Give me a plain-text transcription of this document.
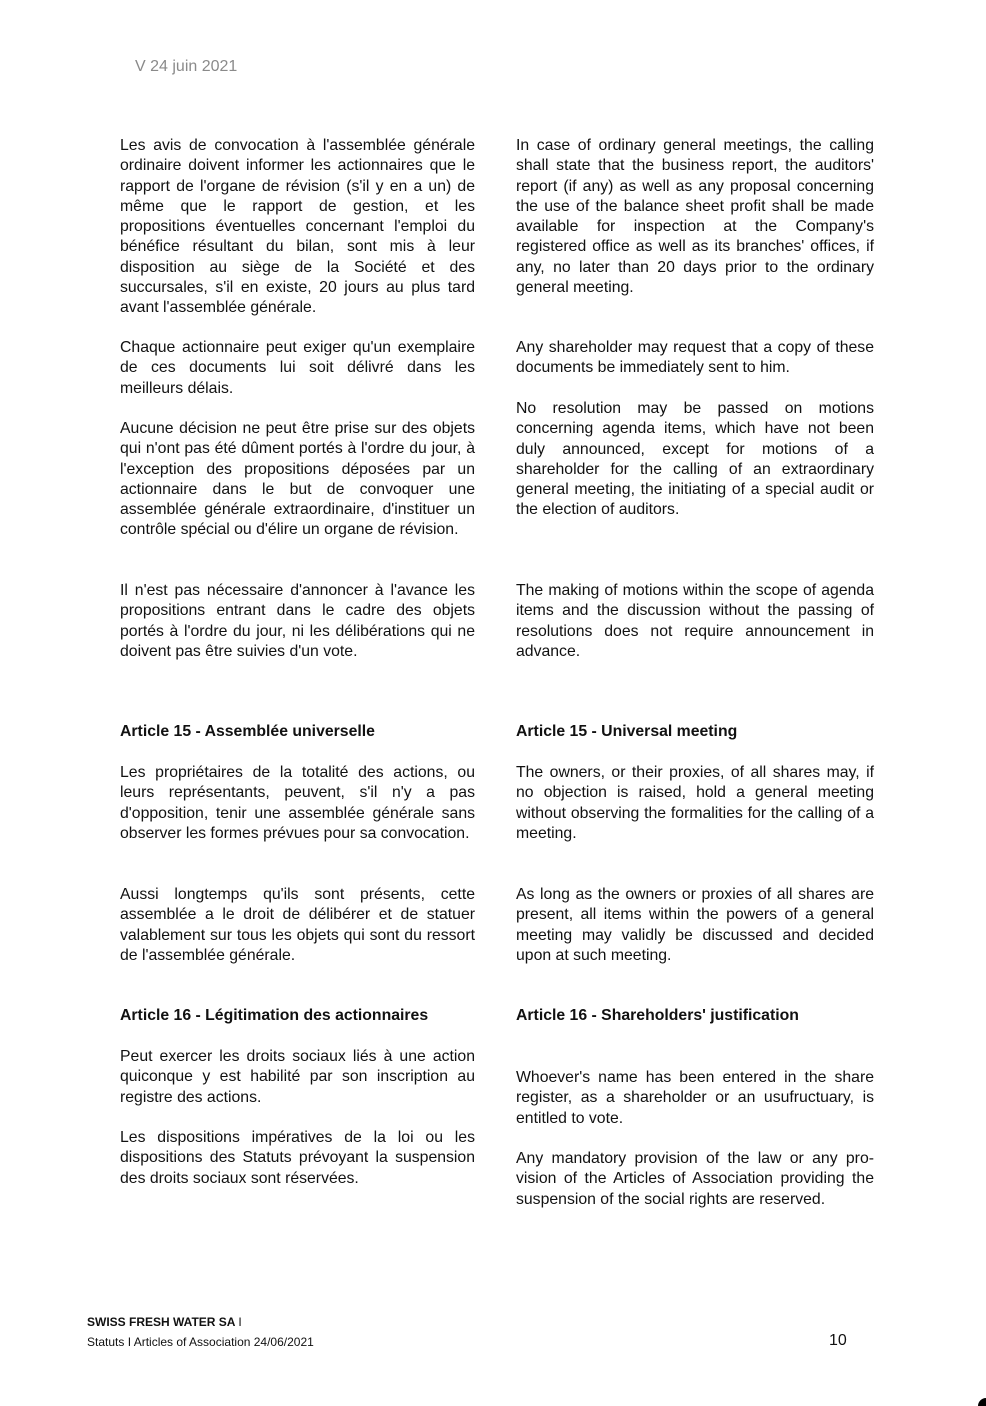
V 24 juin 2021

Les avis de convocation à l'assemblée générale ordinaire doivent informer les actionnaires que le rapport de l'organe de révision (s'il y en a un) de même que le rapport de gestion, et les propositions éventuelles concernant l'emploi du bénéfice résultant du bilan, sont mis à leur disposition au siège de la Société et des succursales, s'il en existe, 20 jours au plus tard avant l'assemblée générale.

Chaque actionnaire peut exiger qu'un exemplaire de ces documents lui soit délivré dans les meilleurs délais.

Aucune décision ne peut être prise sur des objets qui n'ont pas été dûment portés à l'ordre du jour, à l'exception des propositions déposées par un actionnaire dans le but de convoquer une assemblée générale extraordinaire, d'instituer un contrôle spécial ou d'élire un organe de révision.

Il n'est pas nécessaire d'annoncer à l'avance les propositions entrant dans le cadre des objets portés à l'ordre du jour, ni les délibérations qui ne doivent pas être suivies d'un vote.

Article 15 - Assemblée universelle

Les propriétaires de la totalité des actions, ou leurs représentants, peuvent, s'il n'y a pas d'opposition, tenir une assemblée générale sans observer les formes prévues pour sa convocation.

Aussi longtemps qu'ils sont présents, cette assemblée a le droit de délibérer et de statuer valablement sur tous les objets qui sont du ressort de l'assemblée générale.

Article 16 - Légitimation des actionnaires

Peut exercer les droits sociaux liés à une action quiconque y est habilité par son inscription au registre des actions.

Les dispositions impératives de la loi ou les dispositions des Statuts prévoyant la suspension des droits sociaux sont réservées.

In case of ordinary general meetings, the calling shall state that the business report, the auditors' report (if any) as well as any proposal concerning the use of the balance sheet profit shall be made available for inspection at the Company's registered office as well as its branches' offices, if any, no later than 20 days prior to the ordinary general meeting.

Any shareholder may request that a copy of these documents be immediately sent to him.

No resolution may be passed on motions concerning agenda items, which have not been duly announced, except for motions of a shareholder for the calling of an extraordinary general meeting, the initiating of a special audit or the election of auditors.

The making of motions within the scope of agenda items and the discussion without the passing of resolutions does not require announcement in advance.

Article 15 - Universal meeting

The owners, or their proxies, of all shares may, if no objection is raised, hold a general meeting without observing the formalities for the calling of a meeting.

As long as the owners or proxies of all shares are present, all items within the powers of a general meeting may validly be discussed and decided upon at such meeting.

Article 16 - Shareholders' justification

Whoever's name has been entered in the share register, as a shareholder or an usufructuary, is entitled to vote.

Any mandatory provision of the law or any provision of the Articles of Association providing the suspension of the social rights are reserved.

SWISS FRESH WATER SA I
Statuts I Articles of Association 24/06/2021	10
